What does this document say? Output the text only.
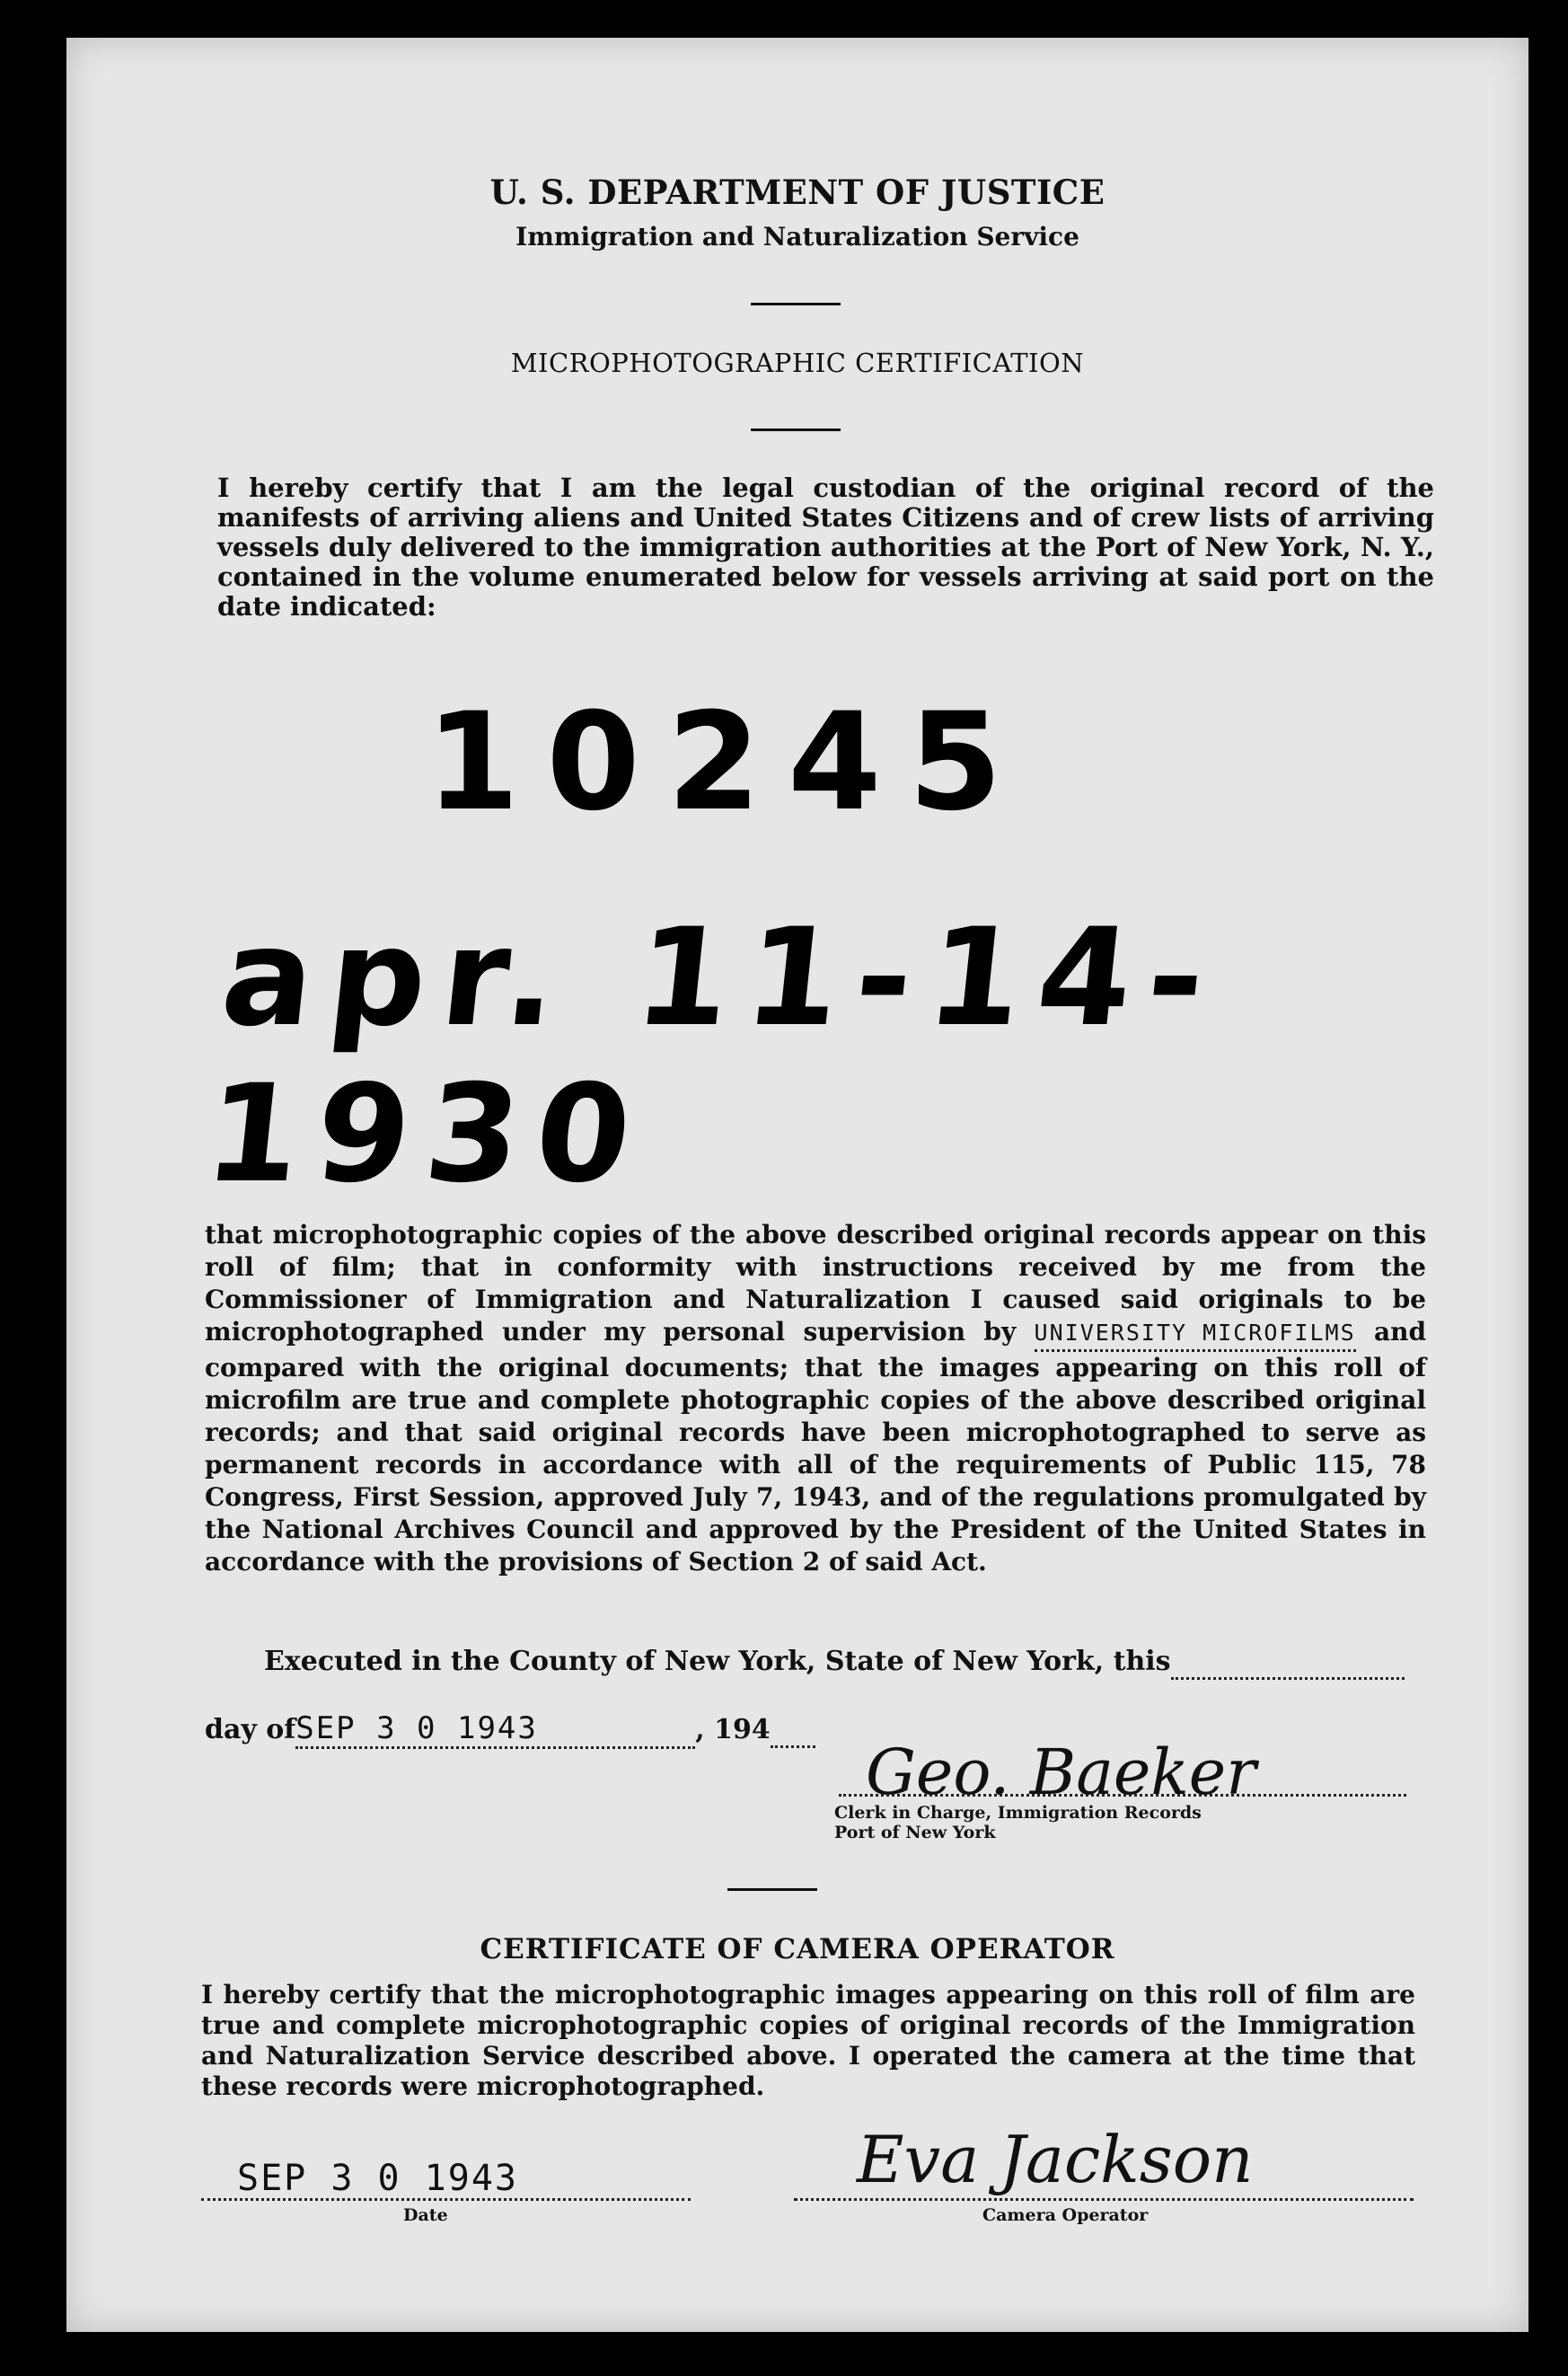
U. S. DEPARTMENT OF JUSTICE
Immigration and Naturalization Service
MICROPHOTOGRAPHIC CERTIFICATION
I hereby certify that I am the legal custodian of the original record of the manifests of arriving aliens and United States Citizens and of crew lists of arriving vessels duly delivered to the immigration authorities at the Port of New York, N. Y., contained in the volume enumerated below for vessels arriving at said port on the date indicated:
10245
apr. 11-14-1930
that microphotographic copies of the above described original records appear on this roll of film; that in conformity with instructions received by me from the Commissioner of Immigration and Naturalization I caused said originals to be microphotographed under my personal supervision by UNIVERSITY MICROFILMS and compared with the original documents; that the images appearing on this roll of microfilm are true and complete photographic copies of the above described original records; and that said original records have been microphotographed to serve as permanent records in accordance with all of the requirements of Public 115, 78 Congress, First Session, approved July 7, 1943, and of the regulations promulgated by the National Archives Council and approved by the President of the United States in accordance with the provisions of Section 2 of said Act.
Executed in the County of New York, State of New York, this
day ofSEP 3 0 1943	, 194
Geo. Baeker
Clerk in Charge, Immigration Records
Port of New York
CERTIFICATE OF CAMERA OPERATOR
I hereby certify that the microphotographic images appearing on this roll of film are true and complete microphotographic copies of original records of the Immigration and Naturalization Service described above. I operated the camera at the time that these records were microphotographed.
SEP 3 0 1943
Date
Eva Jackson
Camera Operator
